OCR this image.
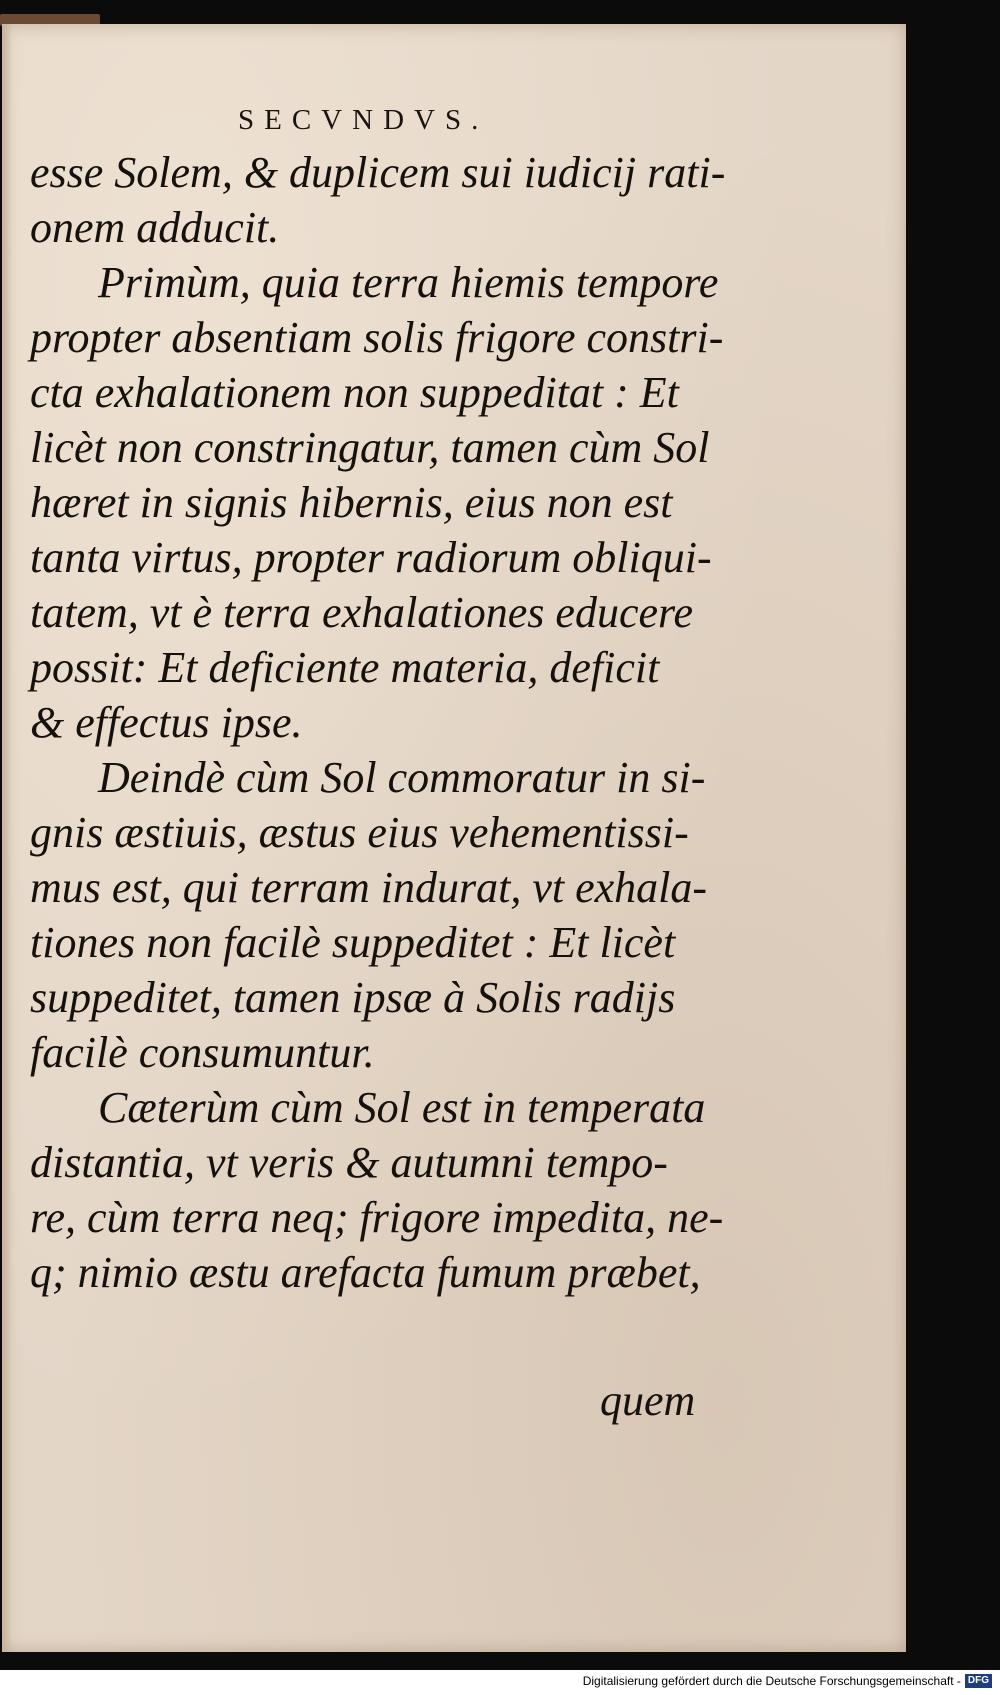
SECVNDVS.
esse Solem, & duplicem sui iudicij rati-
onem adducit.
Primùm, quia terra hiemis tempore
propter absentiam solis frigore constri-
cta exhalationem non suppeditat : Et
licèt non constringatur, tamen cùm Sol
hæret in signis hibernis, eius non est
tanta virtus, propter radiorum obliqui-
tatem, vt è terra exhalationes educere
possit: Et deficiente materia, deficit
& effectus ipse.
Deindè cùm Sol commoratur in si-
gnis æstiuis, æstus eius vehementissi-
mus est, qui terram indurat, vt exhala-
tiones non facilè suppeditet : Et licèt
suppeditet, tamen ipsæ à Solis radijs
facilè consumuntur.
Cæterùm cùm Sol est in temperata
distantia, vt veris & autumni tempo-
re, cùm terra neq; frigore impedita, ne-
q; nimio æstu arefacta fumum præbet,
quem
Digitalisierung gefördert durch die Deutsche Forschungsgemeinschaft - DFG
